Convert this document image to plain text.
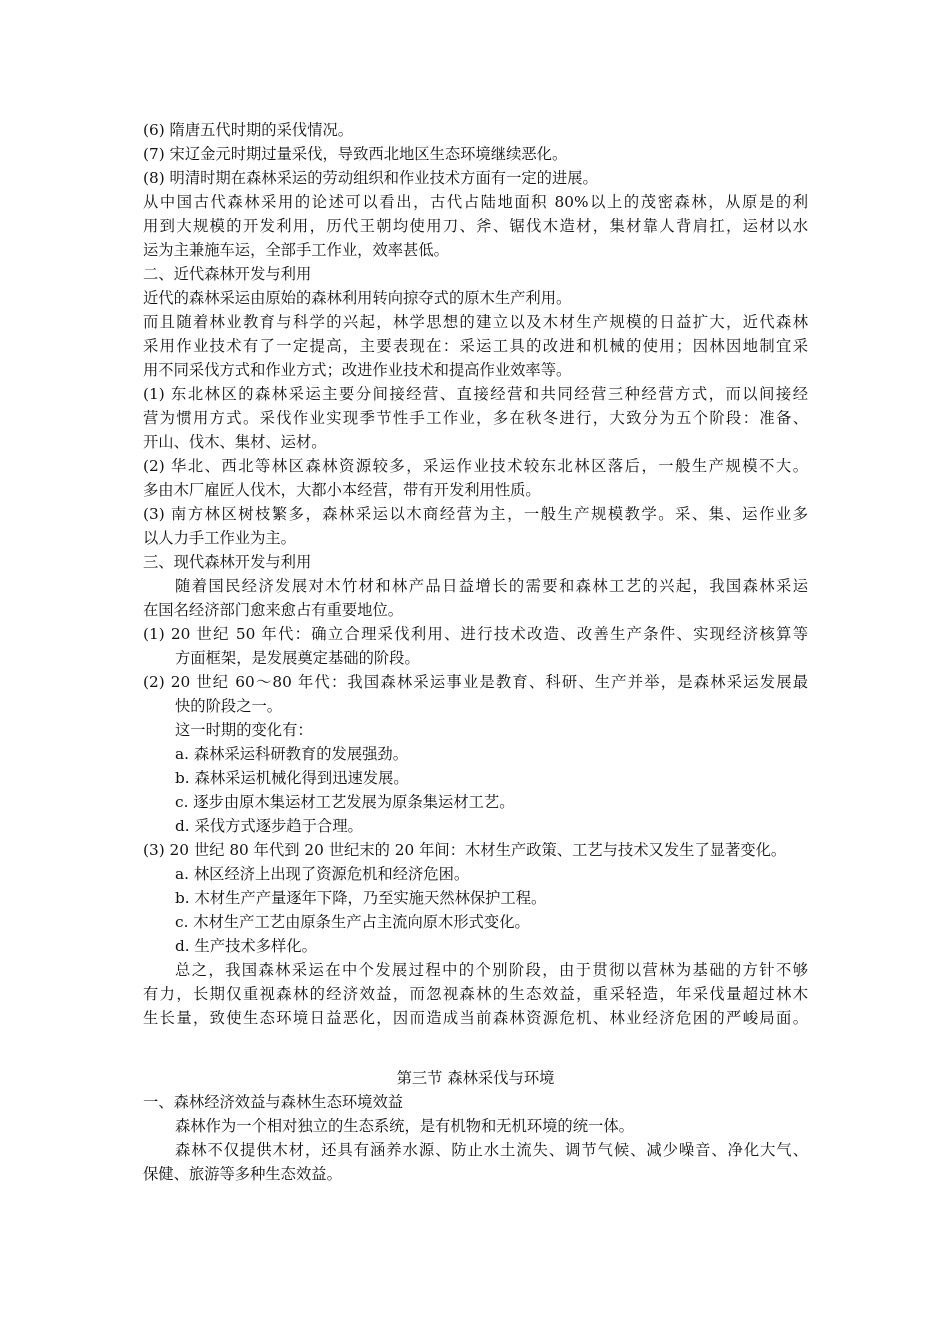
(6) 隋唐五代时期的采伐情况。
(7) 宋辽金元时期过量采伐，导致西北地区生态环境继续恶化。
(8) 明清时期在森林采运的劳动组织和作业技术方面有一定的进展。
从中国古代森林采用的论述可以看出，古代占陆地面积 80%以上的茂密森林，从原是的利
用到大规模的开发利用，历代王朝均使用刀、斧、锯伐木造材，集材靠人背肩扛，运材以水
运为主兼施车运，全部手工作业，效率甚低。
二、近代森林开发与利用
近代的森林采运由原始的森林利用转向掠夺式的原木生产利用。
而且随着林业教育与科学的兴起，林学思想的建立以及木材生产规模的日益扩大，近代森林
采用作业技术有了一定提高，主要表现在：采运工具的改进和机械的使用；因林因地制宜采
用不同采伐方式和作业方式；改进作业技术和提高作业效率等。
(1) 东北林区的森林采运主要分间接经营、直接经营和共同经营三种经营方式，而以间接经
营为惯用方式。采伐作业实现季节性手工作业，多在秋冬进行，大致分为五个阶段：准备、
开山、伐木、集材、运材。
(2) 华北、西北等林区森林资源较多，采运作业技术较东北林区落后，一般生产规模不大。
多由木厂雇匠人伐木，大都小本经营，带有开发利用性质。
(3) 南方林区树枝繁多，森林采运以木商经营为主，一般生产规模教学。采、集、运作业多
以人力手工作业为主。
三、现代森林开发与利用
随着国民经济发展对木竹材和林产品日益增长的需要和森林工艺的兴起，我国森林采运
在国名经济部门愈来愈占有重要地位。
(1) 20 世纪 50 年代：确立合理采伐利用、进行技术改造、改善生产条件、实现经济核算等
方面框架，是发展奠定基础的阶段。
(2) 20 世纪 60～80 年代：我国森林采运事业是教育、科研、生产并举，是森林采运发展最
快的阶段之一。
这一时期的变化有：
a. 森林采运科研教育的发展强劲。
b. 森林采运机械化得到迅速发展。
c. 逐步由原木集运材工艺发展为原条集运材工艺。
d. 采伐方式逐步趋于合理。
(3) 20 世纪 80 年代到 20 世纪末的 20 年间：木材生产政策、工艺与技术又发生了显著变化。
a. 林区经济上出现了资源危机和经济危困。
b. 木材生产产量逐年下降，乃至实施天然林保护工程。
c. 木材生产工艺由原条生产占主流向原木形式变化。
d. 生产技术多样化。
总之，我国森林采运在中个发展过程中的个别阶段，由于贯彻以营林为基础的方针不够
有力，长期仅重视森林的经济效益，而忽视森林的生态效益，重采轻造，年采伐量超过林木
生长量，致使生态环境日益恶化，因而造成当前森林资源危机、林业经济危困的严峻局面。
第三节 森林采伐与环境
一、森林经济效益与森林生态环境效益
森林作为一个相对独立的生态系统，是有机物和无机环境的统一体。
森林不仅提供木材，还具有涵养水源、防止水土流失、调节气候、减少噪音、净化大气、
保健、旅游等多种生态效益。
